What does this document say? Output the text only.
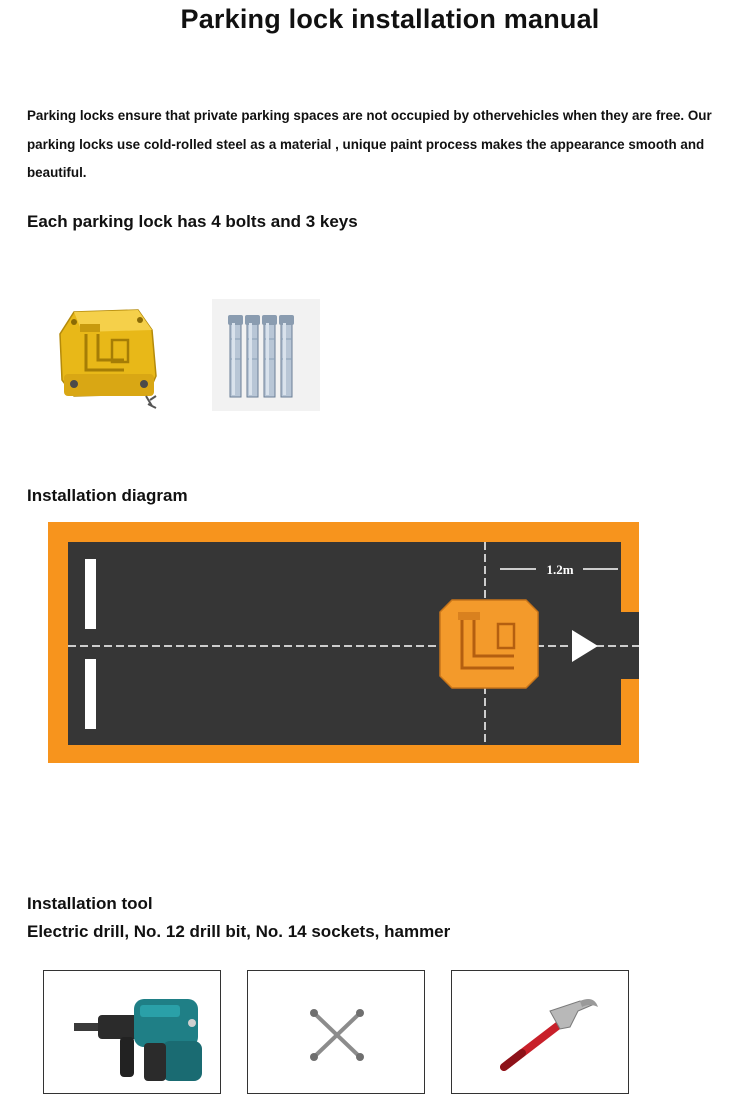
Parking lock installation manual
Parking locks ensure that private parking spaces are not occupied by othervehicles when they are free. Our parking locks use cold-rolled steel as a material , unique paint process makes the appearance smooth and beautiful.
Each parking lock has 4 bolts and 3 keys
Installation diagram
1.2m
Installation tool
Electric drill, No. 12 drill bit, No. 14 sockets, hammer
